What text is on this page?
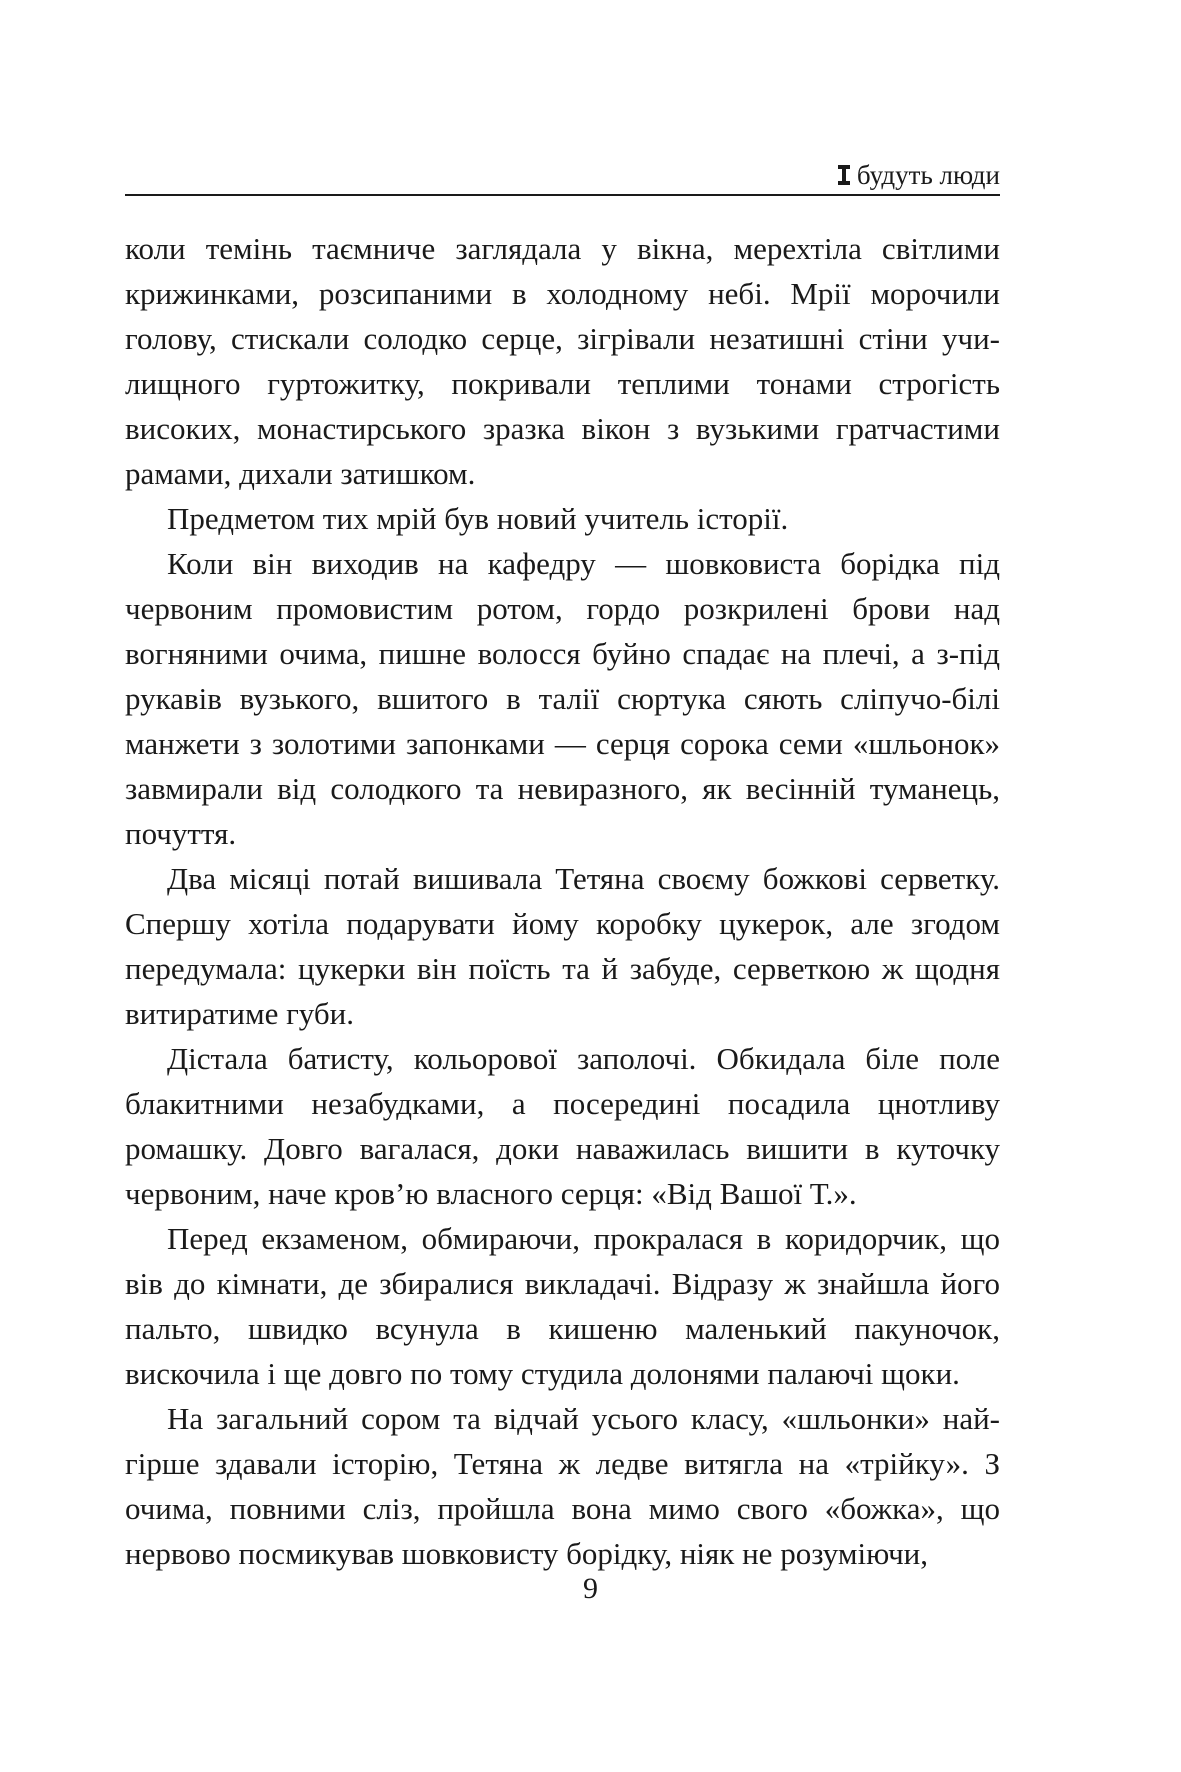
будуть люди

коли темінь таємниче заглядала у вікна, мерехтіла світлими крижинками, розсипаними в холодному небі. Мрії морочили голову, стискали солодко серце, зігрівали незатишні стіни училищного гуртожитку, покривали теплими тонами строгість високих, монастирського зразка вікон з вузькими гратчастими рамами, дихали затишком.

Предметом тих мрій був новий учитель історії.

Коли він виходив на кафедру — шовковиста борідка під червоним промовистим ротом, гордо розкрилені брови над вогняними очима, пишне волосся буйно спадає на плечі, а з-під рукавів вузького, вшитого в талії сюртука сяють сліпучо-білі манжети з золотими запонками — серця сорока семи «шльонок» завмирали від солодкого та невиразного, як весінній туманець, почуття.

Два місяці потай вишивала Тетяна своєму божкові серветку. Спершу хотіла подарувати йому коробку цукерок, але згодом передумала: цукерки він поїсть та й забуде, серветкою ж щодня витиратиме губи.

Дістала батисту, кольорової заполочі. Обкидала біле поле блакитними незабудками, а посередині посадила цнотливу ромашку. Довго вагалася, доки наважилась вишити в куточку червоним, наче кров’ю власного серця: «Від Вашої Т.».

Перед екзаменом, обмираючи, прокралася в коридорчик, що вів до кімнати, де збиралися викладачі. Відразу ж знайшла його пальто, швидко всунула в кишеню маленький пакуночок, вискочила і ще довго по тому студила долонями палаючі щоки.

На загальний сором та відчай усього класу, «шльонки» найгірше здавали історію, Тетяна ж ледве витягла на «трійку». З очима, повними сліз, пройшла вона мимо свого «божка», що нервово посмикував шовковисту борідку, ніяк не розуміючи,

9
